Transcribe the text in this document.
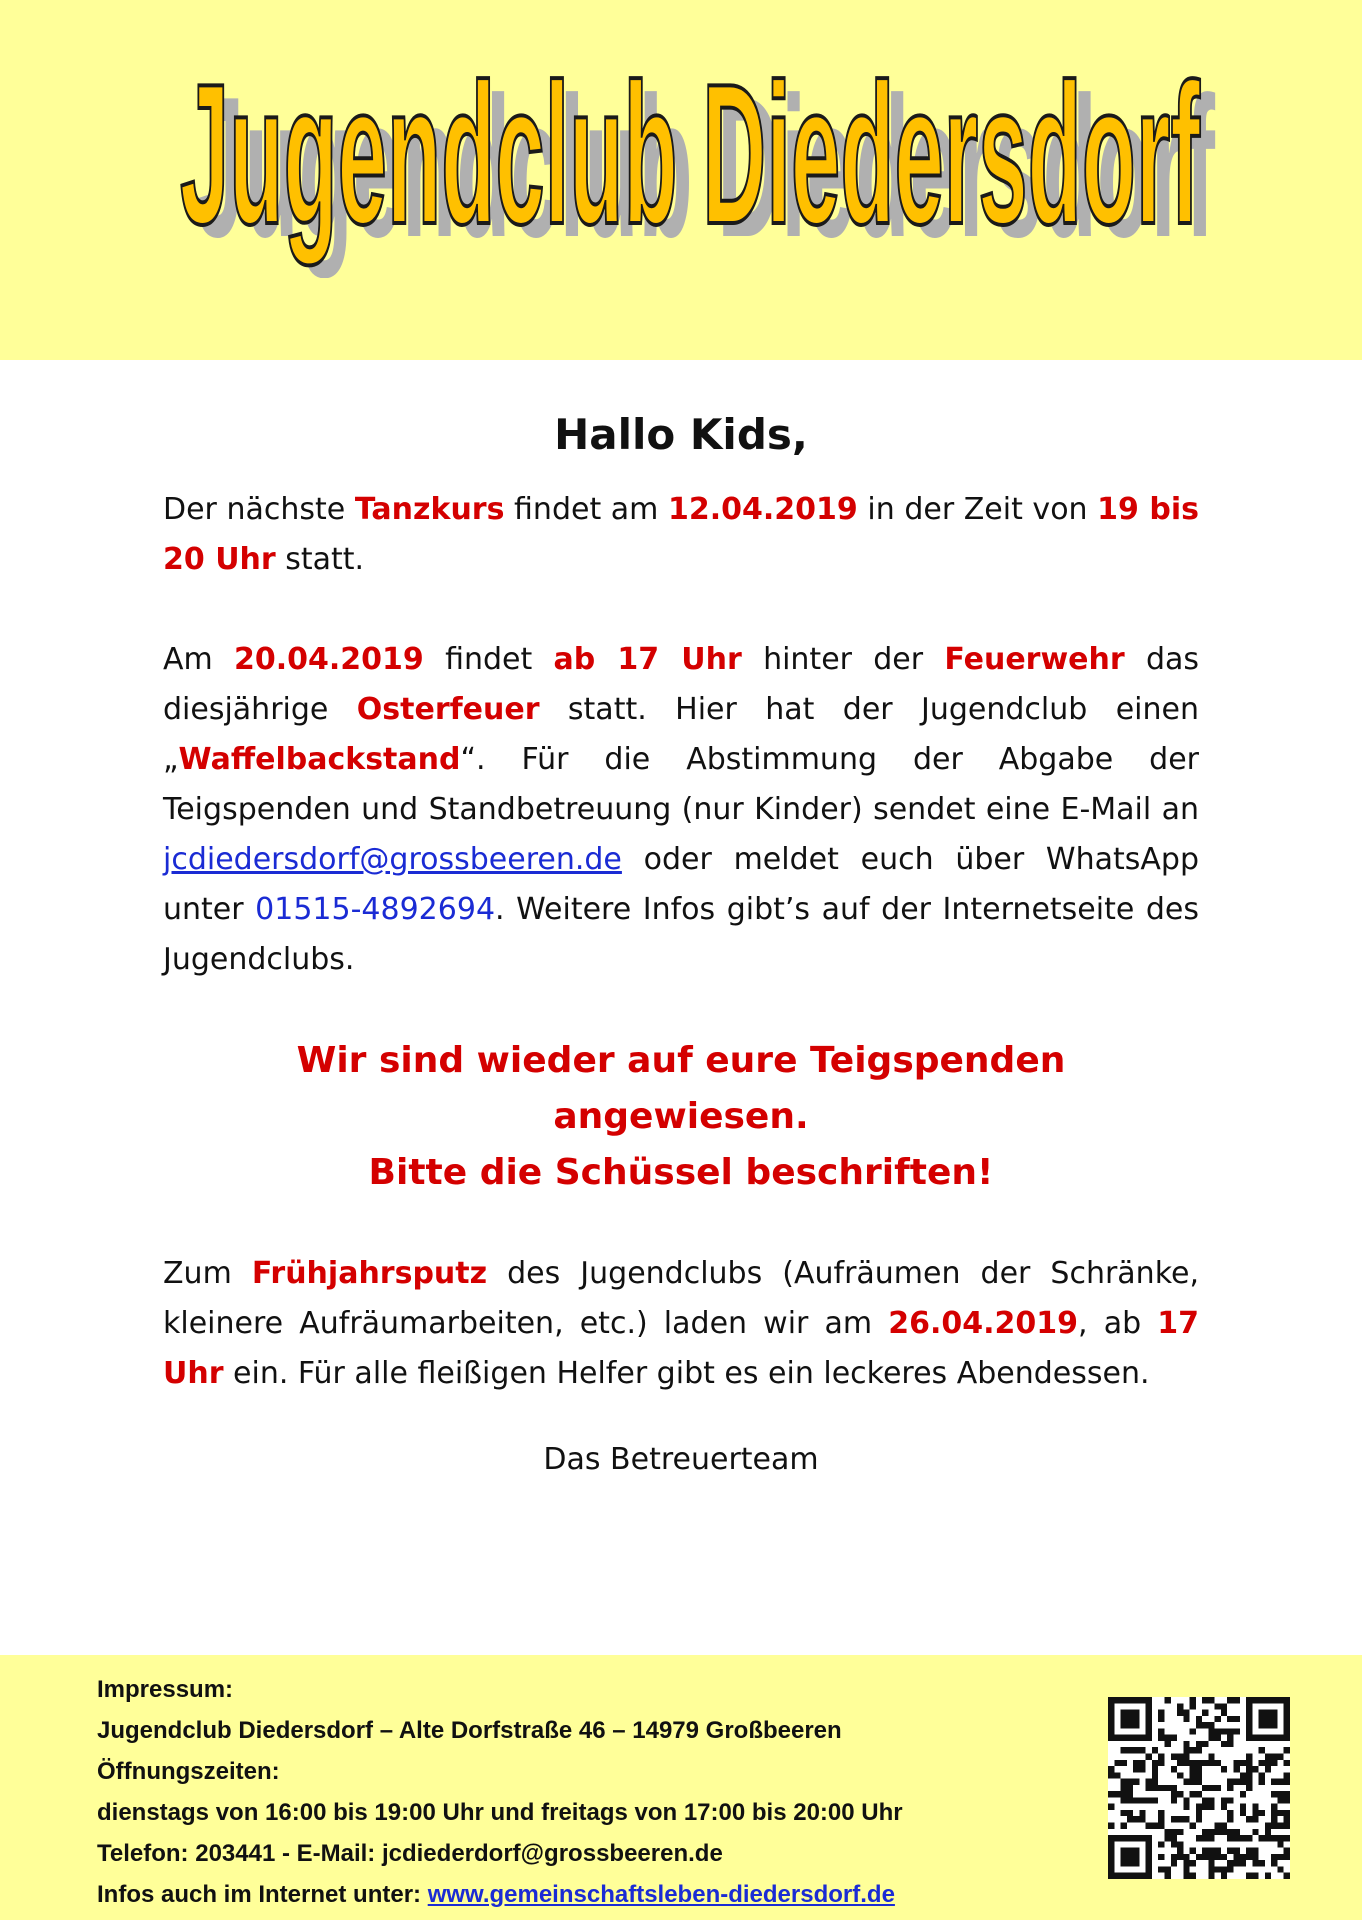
Jugendclub Diedersdorf
Jugendclub Diedersdorf
Hallo Kids,

Der nächste Tanzkurs findet am 12.04.2019 in der Zeit von 19 bis 20 Uhr statt.

Am 20.04.2019 findet ab 17 Uhr hinter der Feuerwehr das diesjährige Osterfeuer statt. Hier hat der Jugendclub einen „Waffelbackstand“. Für die Abstimmung der Abgabe der Teigspenden und Standbetreuung (nur Kinder) sendet eine E-Mail an jcdiedersdorf@grossbeeren.de oder meldet euch über WhatsApp unter 01515-4892694. Weitere Infos gibt’s auf der Internetseite des Jugendclubs.

Wir sind wieder auf eure Teigspenden angewiesen.
Bitte die Schüssel beschriften!

Zum Frühjahrsputz des Jugendclubs (Aufräumen der Schränke, kleinere Aufräumarbeiten, etc.) laden wir am 26.04.2019, ab 17 Uhr ein. Für alle fleißigen Helfer gibt es ein leckeres Abendessen.

Das Betreuerteam
Impressum:
Jugendclub Diedersdorf – Alte Dorfstraße 46 – 14979 Großbeeren
Öffnungszeiten:
dienstags von 16:00 bis 19:00 Uhr und freitags von 17:00 bis 20:00 Uhr
Telefon: 203441 - E-Mail: jcdiederdorf@grossbeeren.de
Infos auch im Internet unter: www.gemeinschaftsleben-diedersdorf.de
